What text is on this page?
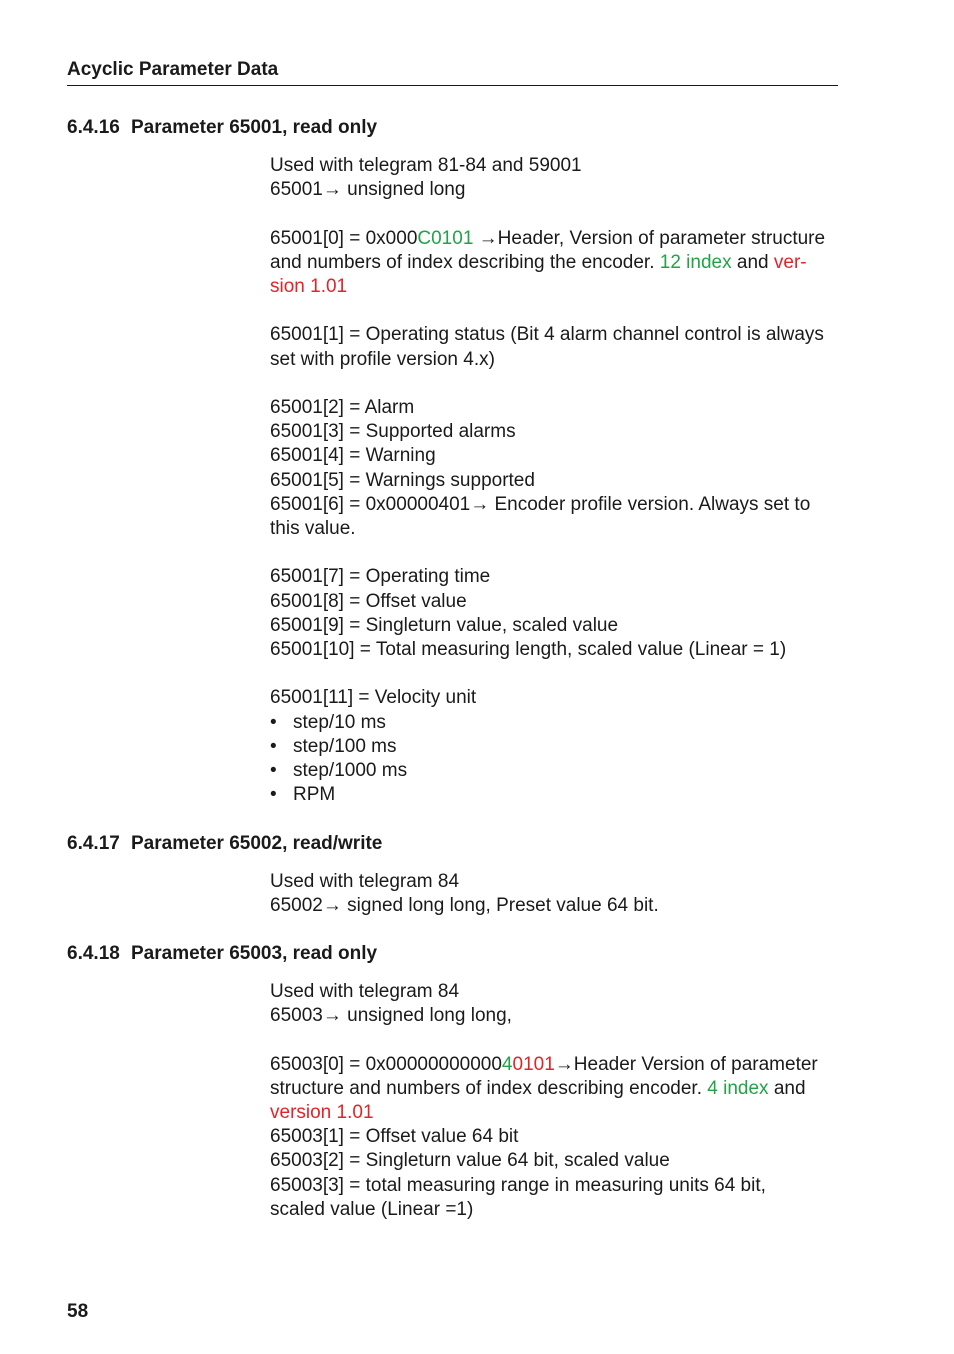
Acyclic Parameter Data
6.4.16 Parameter 65001, read only

Used with telegram 81-84 and 59001

65001→ unsigned long

65001[0] = 0x000C0101 →Header, Version of parameter structure

and numbers of index describing the encoder. 12 index and ver-

sion 1.01

65001[1] = Operating status (Bit 4 alarm channel control is always

set with profile version 4.x)

65001[2] = Alarm

65001[3] = Supported alarms

65001[4] = Warning

65001[5] = Warnings supported

65001[6] = 0x00000401→ Encoder profile version. Always set to

this value.

65001[7] = Operating time

65001[8] = Offset value

65001[9] = Singleturn value, scaled value

65001[10] = Total measuring length, scaled value (Linear = 1)

65001[11] = Velocity unit

• step/10 ms
• step/100 ms
• step/1000 ms
• RPM
6.4.17 Parameter 65002, read/write

Used with telegram 84

65002→ signed long long, Preset value 64 bit.

6.4.18 Parameter 65003, read only

Used with telegram 84

65003→ unsigned long long,

65003[0] = 0x0000000000040101→Header Version of parameter

structure and numbers of index describing encoder. 4 index and

version 1.01

65003[1] = Offset value 64 bit

65003[2] = Singleturn value 64 bit, scaled value

65003[3] = total measuring range in measuring units 64 bit,

scaled value (Linear =1)

58
